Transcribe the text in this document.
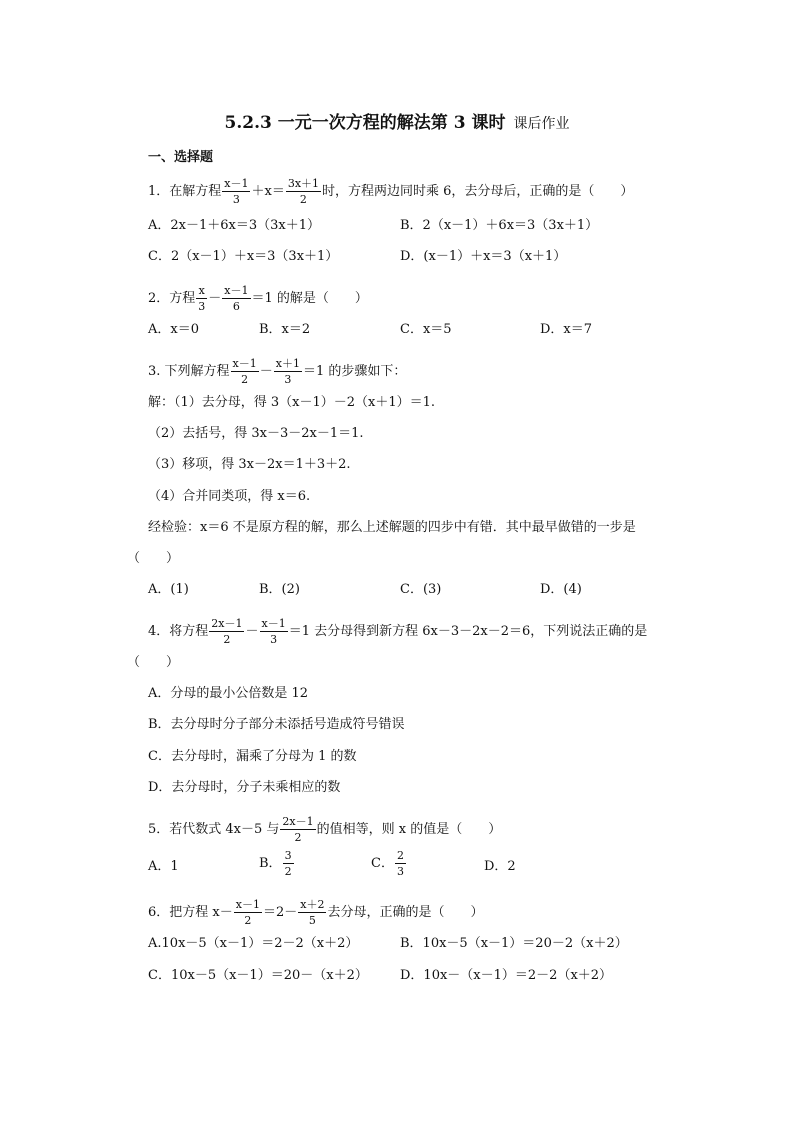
5.2.3 一元一次方程的解法第 3 课时 课后作业
一、选择题
1．在解方程 $\frac{x-1}{3} +x= \frac{3x+1}{2}$ 时，方程两边同时乘 6，去分母后，正确的是（　　）
A．2x－1＋6x＝3（3x＋1）	B．2（x－1）＋6x＝3（3x＋1）
C．2（x－1）＋x＝3（3x＋1）	D．(x－1）＋x＝3（x＋1）
2．方程 $\frac{x}{3} - \frac{x-1}{6} =1$ 的解是（　　）
A．x＝0	B．x＝2	C．x＝5	D．x＝7
3. 下列解方程 $\frac{x-1}{2} - \frac{x+1}{3} =1$ 的步骤如下：
解：（1）去分母，得 3（x－1）－2（x＋1）＝1.
（2）去括号，得 3x－3－2x－1＝1.
（3）移项，得 3x－2x＝1＋3＋2.
（4）合并同类项，得 x＝6.
经检验：x＝6 不是原方程的解，那么上述解题的四步中有错．其中最早做错的一步是
（　　）
A．(1)	B．(2)	C．(3)	D．(4)
4．将方程 $\frac{2x-1}{2} - \frac{x-1}{3} =1$ 去分母得到新方程 6x－3－2x－2＝6，下列说法正确的是
（　　）
A．分母的最小公倍数是 12
B．去分母时分子部分未添括号造成符号错误
C．去分母时，漏乘了分母为 1 的数
D．去分母时，分子未乘相应的数
5．若代数式 4x－5 与 $\frac{2x-1}{2}$ 的值相等，则 x 的值是（　　）
A．1	B． $\frac{3}{2}$	C． $\frac{2}{3}$	D．2
6．把方程 $x- \frac{x-1}{2} =2- \frac{x+2}{5}$ 去分母，正确的是（　　）
A.10x－5（x－1）＝2－2（x＋2）	B．10x－5（x－1）＝20－2（x＋2）
C．10x－5（x－1）＝20－（x＋2） D．10x－（x－1）＝2－2（x＋2）
